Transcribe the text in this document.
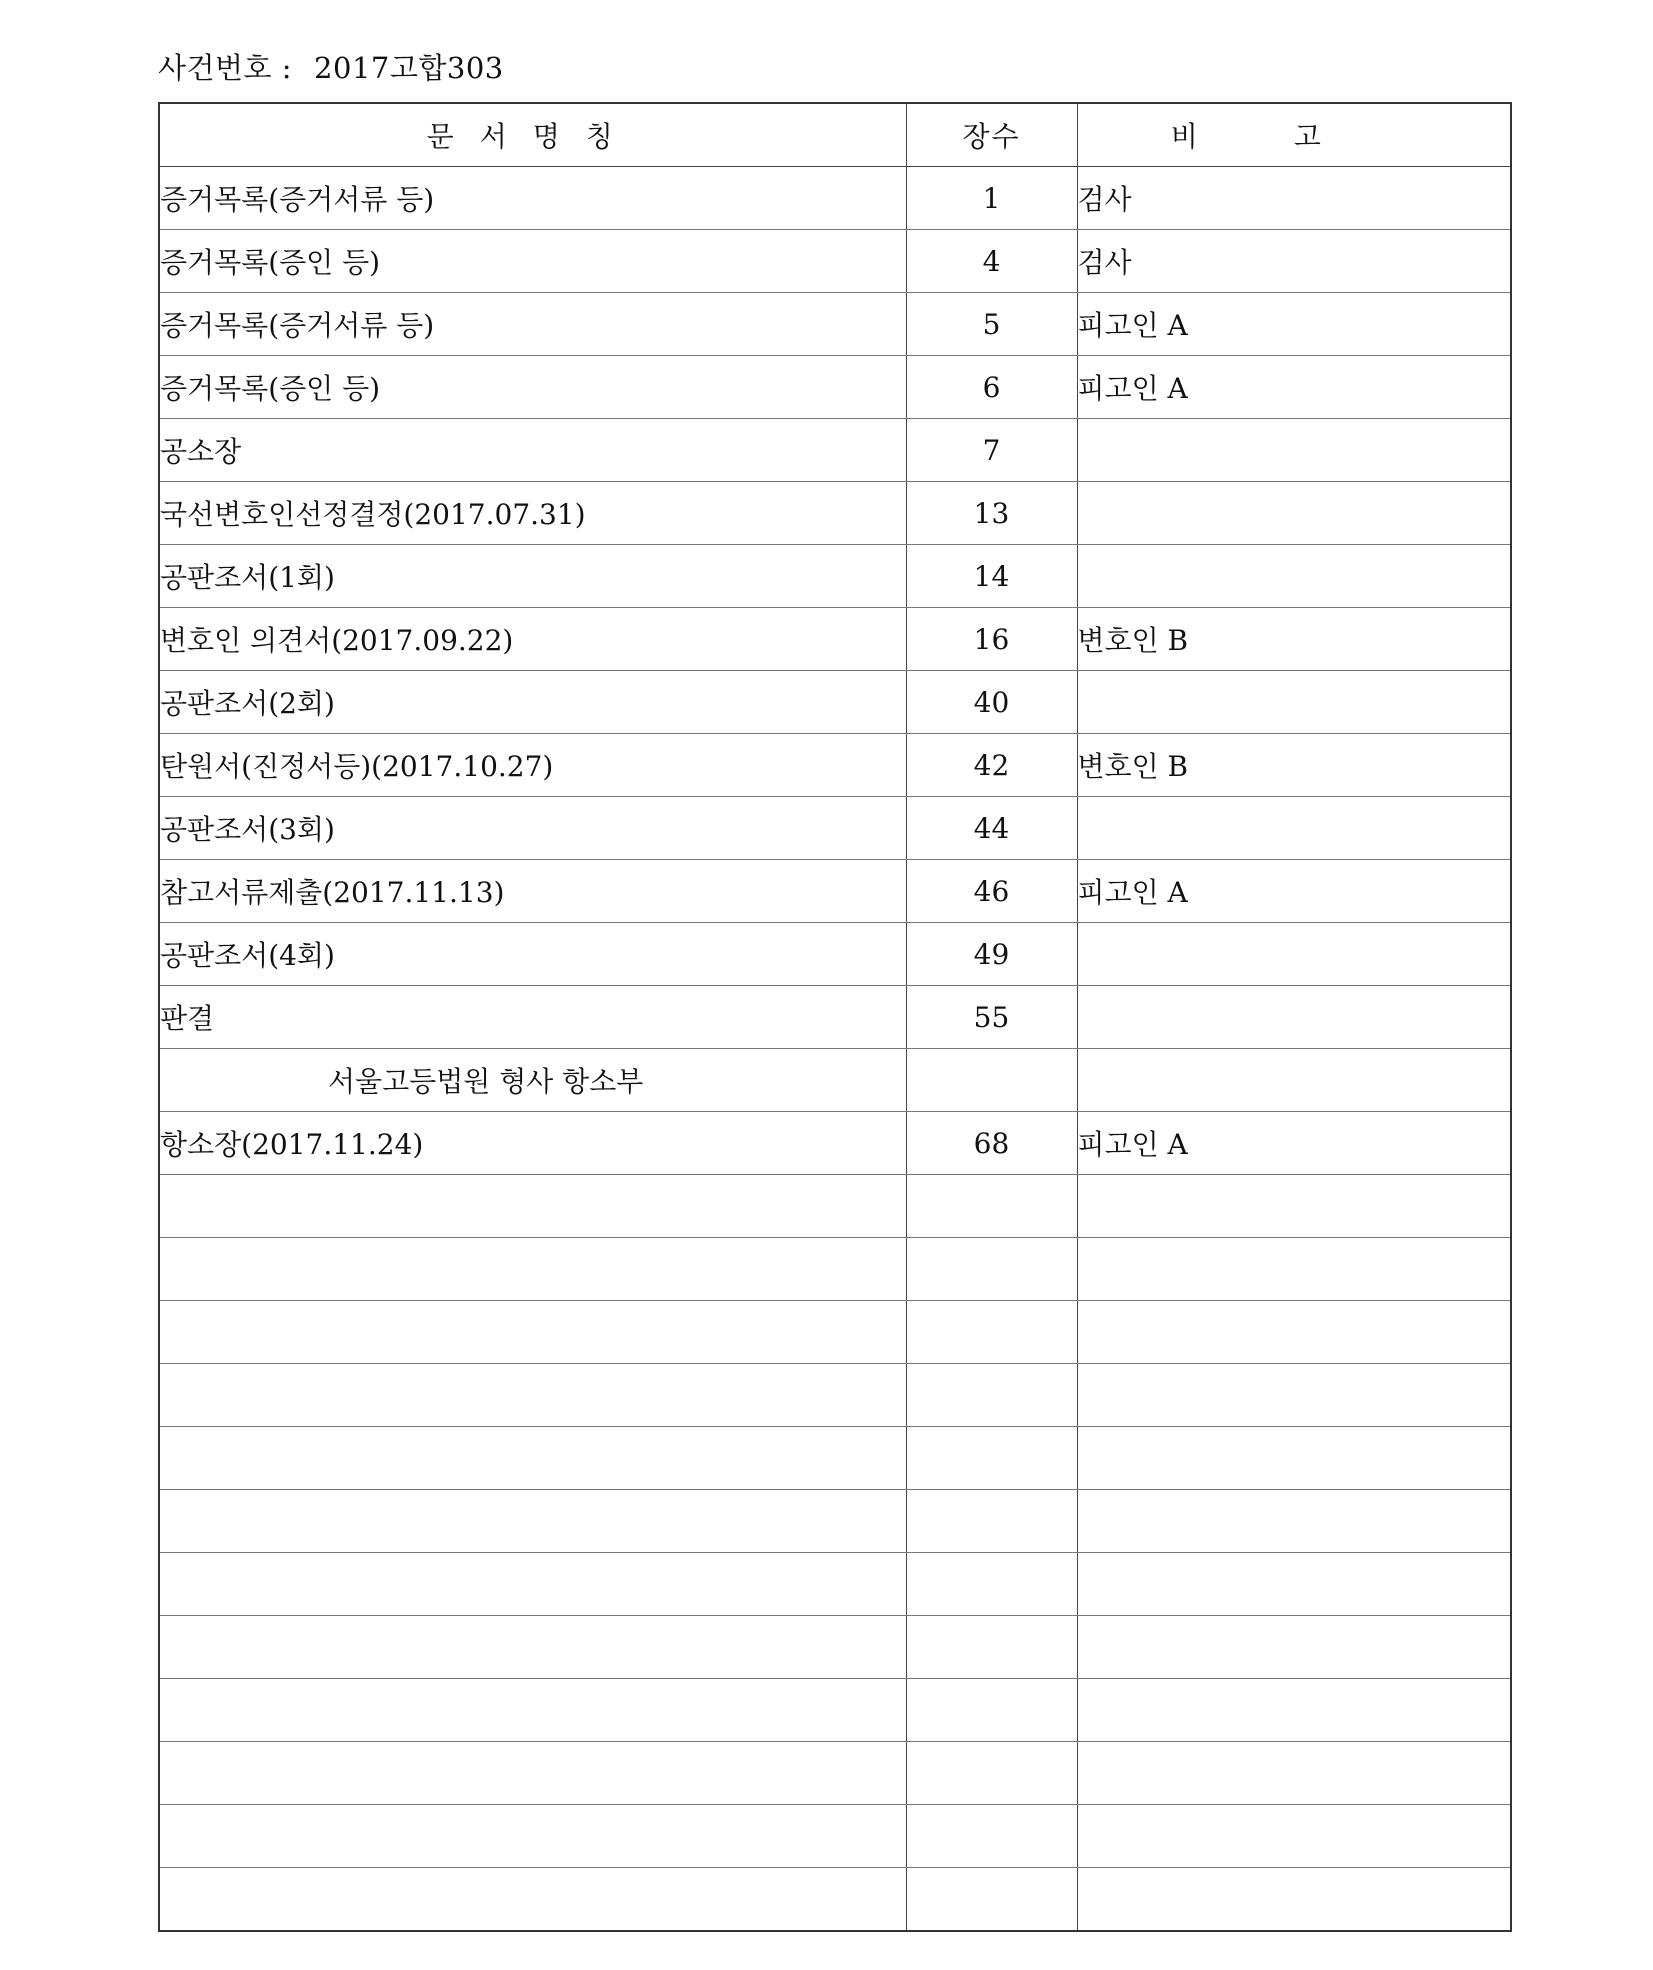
사건번호 : 2017고합303
문서명칭	장수	비고
증거목록(증거서류 등)	1	검사
증거목록(증인 등)	4	검사
증거목록(증거서류 등)	5	피고인 A
증거목록(증인 등)	6	피고인 A
공소장	7	
국선변호인선정결정(2017.07.31)	13	
공판조서(1회)	14	
변호인 의견서(2017.09.22)	16	변호인 B
공판조서(2회)	40	
탄원서(진정서등)(2017.10.27)	42	변호인 B
공판조서(3회)	44	
참고서류제출(2017.11.13)	46	피고인 A
공판조서(4회)	49	
판결	55	
서울고등법원 형사 항소부		
항소장(2017.11.24)	68	피고인 A
